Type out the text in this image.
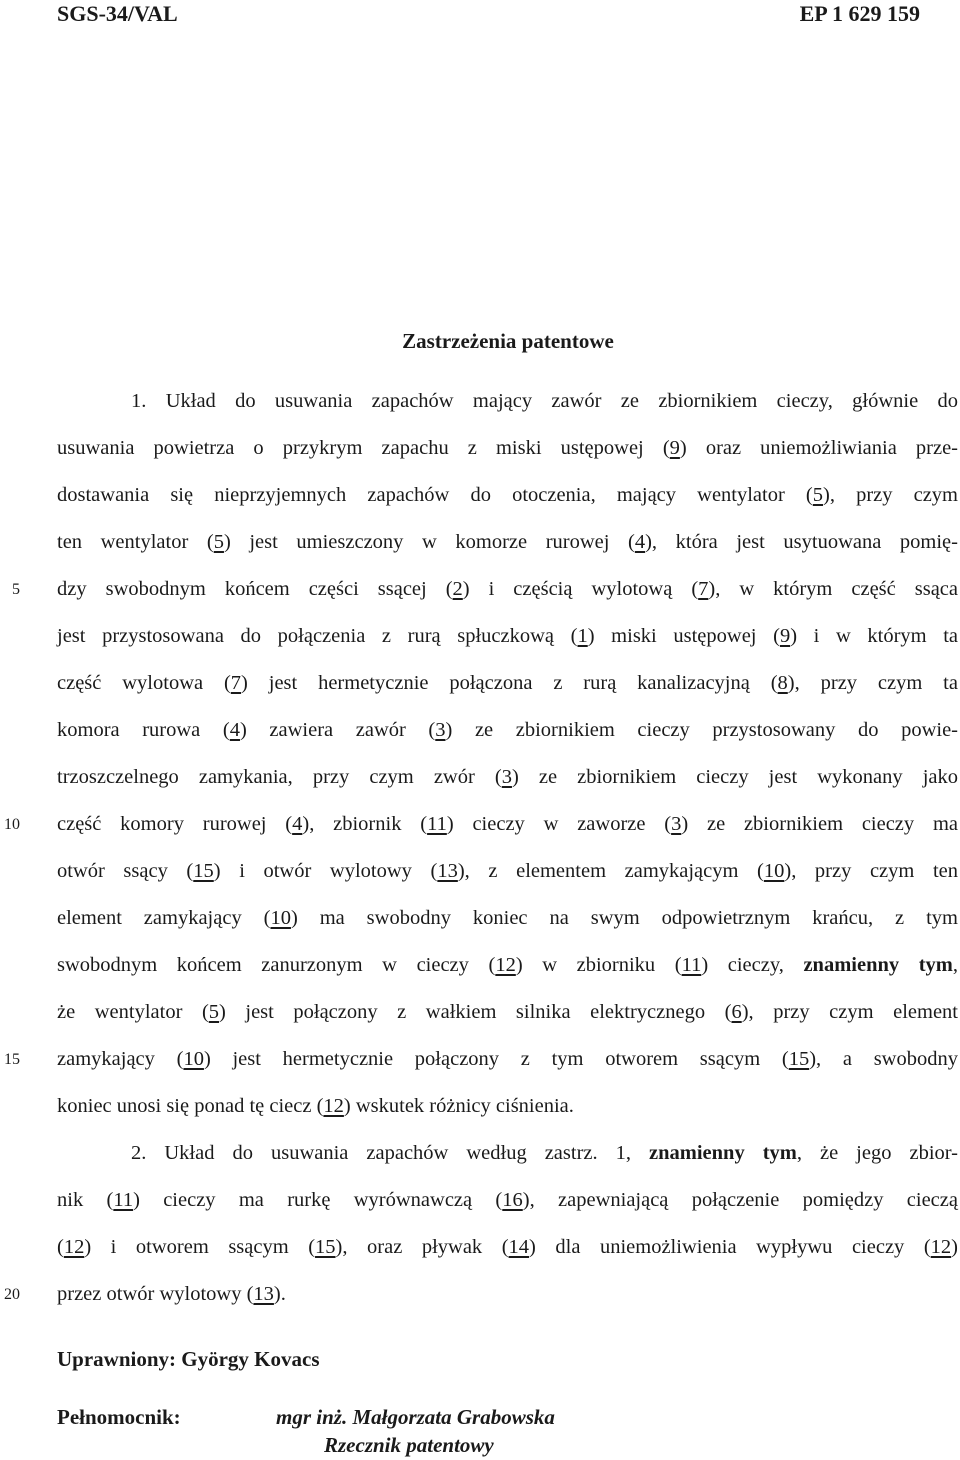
SGS-34/VAL	EP 1 629 159
Zastrzeżenia patentowe
1. Układ do usuwania zapachów mający zawór ze zbiornikiem cieczy, głównie do
usuwania powietrza o przykrym zapachu z miski ustępowej (9) oraz uniemożliwiania prze-
dostawania się nieprzyjemnych zapachów do otoczenia, mający wentylator (5), przy czym
ten wentylator (5) jest umieszczony w komorze rurowej (4), która jest usytuowana pomię-
dzy swobodnym końcem części ssącej (2) i częścią wylotową (7), w którym część ssąca
jest przystosowana do połączenia z rurą spłuczkową (1) miski ustępowej (9) i w którym ta
część wylotowa (7) jest hermetycznie połączona z rurą kanalizacyjną (8), przy czym ta
komora rurowa (4) zawiera zawór (3) ze zbiornikiem cieczy przystosowany do powie-
trzoszczelnego zamykania, przy czym zwór (3) ze zbiornikiem cieczy jest wykonany jako
część komory rurowej (4), zbiornik (11) cieczy w zaworze (3) ze zbiornikiem cieczy ma
otwór ssący (15) i otwór wylotowy (13), z elementem zamykającym (10), przy czym ten
element zamykający (10) ma swobodny koniec na swym odpowietrznym krańcu, z tym
swobodnym końcem zanurzonym w cieczy (12) w zbiorniku (11) cieczy, znamienny tym,
że wentylator (5) jest połączony z wałkiem silnika elektrycznego (6), przy czym element
zamykający (10) jest hermetycznie połączony z tym otworem ssącym (15), a swobodny
koniec unosi się ponad tę ciecz (12) wskutek różnicy ciśnienia.
2. Układ do usuwania zapachów według zastrz. 1, znamienny tym, że jego zbior-
nik (11) cieczy ma rurkę wyrównawczą (16), zapewniającą połączenie pomiędzy cieczą
(12) i otworem ssącym (15), oraz pływak (14) dla uniemożliwienia wypływu cieczy (12)
przez otwór wylotowy (13).
5
10
15
20
Uprawniony: György Kovacs
Pełnomocnik:	mgr inż. Małgorzata Grabowska
Rzecznik patentowy
